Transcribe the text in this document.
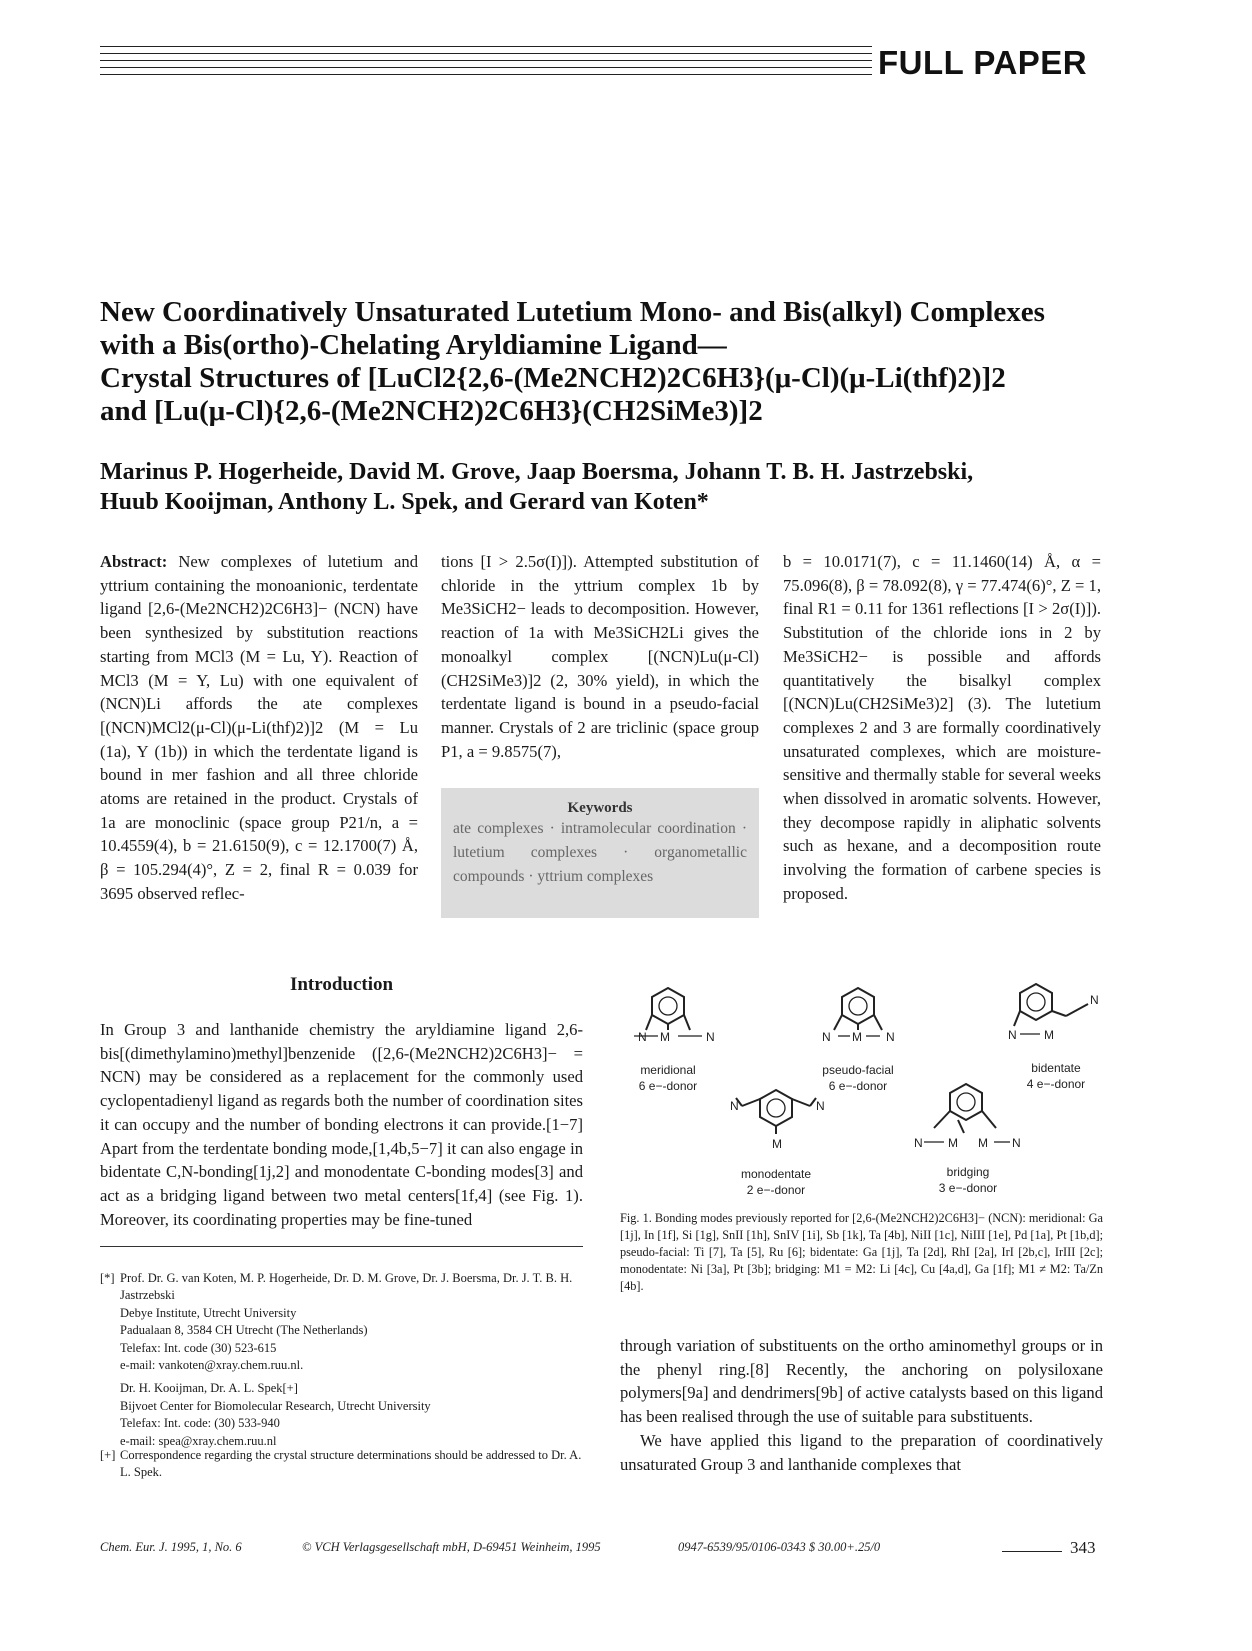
FULL PAPER
New Coordinatively Unsaturated Lutetium Mono- and Bis(alkyl) Complexes
with a Bis(ortho)-Chelating Aryldiamine Ligand—
Crystal Structures of [LuCl2{2,6-(Me2NCH2)2C6H3}(μ-Cl)(μ-Li(thf)2)]2
and [Lu(μ-Cl){2,6-(Me2NCH2)2C6H3}(CH2SiMe3)]2
Marinus P. Hogerheide, David M. Grove, Jaap Boersma, Johann T. B. H. Jastrzebski,
Huub Kooijman, Anthony L. Spek, and Gerard van Koten*

Abstract: New complexes of lutetium and yttrium containing the monoanionic, terdentate ligand [2,6-(Me2NCH2)2C6H3]− (NCN) have been synthesized by substitution reactions starting from MCl3 (M = Lu, Y). Reaction of MCl3 (M = Y, Lu) with one equivalent of (NCN)Li affords the ate complexes [(NCN)MCl2(μ-Cl)(μ-Li(thf)2)]2 (M = Lu (1a), Y (1b)) in which the terdentate ligand is bound in mer fashion and all three chloride atoms are retained in the product. Crystals of 1a are monoclinic (space group P21/n, a = 10.4559(4), b = 21.6150(9), c = 12.1700(7) Å, β = 105.294(4)°, Z = 2, final R = 0.039 for 3695 observed reflec-

tions [I > 2.5σ(I)]). Attempted substitution of chloride in the yttrium complex 1b by Me3SiCH2− leads to decomposition. However, reaction of 1a with Me3SiCH2Li gives the monoalkyl complex [(NCN)Lu(μ-Cl)(CH2SiMe3)]2 (2, 30% yield), in which the terdentate ligand is bound in a pseudo-facial manner. Crystals of 2 are triclinic (space group P1, a = 9.8575(7),

b = 10.0171(7), c = 11.1460(14) Å, α = 75.096(8), β = 78.092(8), γ = 77.474(6)°, Z = 1, final R1 = 0.11 for 1361 reflections [I > 2σ(I)]). Substitution of the chloride ions in 2 by Me3SiCH2− is possible and affords quantitatively the bisalkyl complex [(NCN)Lu(CH2SiMe3)2] (3). The lutetium complexes 2 and 3 are formally coordinatively unsaturated complexes, which are moisture-sensitive and thermally stable for several weeks when dissolved in aromatic solvents. However, they decompose rapidly in aliphatic solvents such as hexane, and a decomposition route involving the formation of carbene species is proposed.

Keywords
ate complexes · intramolecular coordination · lutetium complexes · organometallic compounds · yttrium complexes
Introduction
In Group 3 and lanthanide chemistry the aryldiamine ligand 2,6-bis[(dimethylamino)methyl]benzenide ([2,6-(Me2NCH2)2C6H3]− = NCN) may be considered as a replacement for the commonly used cyclopentadienyl ligand as regards both the number of coordination sites it can occupy and the number of bonding electrons it can provide.[1−7] Apart from the terdentate bonding mode,[1,4b,5−7] it can also engage in bidentate C,N-bonding[1j,2] and monodentate C-bonding modes[3] and act as a bridging ligand between two metal centers[1f,4] (see Fig. 1). Moreover, its coordinating properties may be fine-tuned
[*] Prof. Dr. G. van Koten, M. P. Hogerheide, Dr. D. M. Grove, Dr. J. Boersma, Dr. J. T. B. H. Jastrzebski
Debye Institute, Utrecht University
Padualaan 8, 3584 CH Utrecht (The Netherlands)
Telefax: Int. code (30) 523-615
e-mail: vankoten@xray.chem.ruu.nl.
Dr. H. Kooijman, Dr. A. L. Spek[+]
Bijvoet Center for Biomolecular Research, Utrecht University
Telefax: Int. code: (30) 533-940
e-mail: spea@xray.chem.ruu.nl
[+] Correspondence regarding the crystal structure determinations should be addressed to Dr. A. L. Spek.
N M	N	N M N	N M
N
N	N
M	N M M N
meridional
6 e−-donor
pseudo-facial
6 e−-donor
bidentate
4 e−-donor
monodentate
2 e−-donor
bridging
3 e−-donor
Fig. 1. Bonding modes previously reported for [2,6-(Me2NCH2)2C6H3]− (NCN): meridional: Ga [1j], In [1f], Si [1g], SnII [1h], SnIV [1i], Sb [1k], Ta [4b], NiII [1c], NiIII [1e], Pd [1a], Pt [1b,d]; pseudo-facial: Ti [7], Ta [5], Ru [6]; bidentate: Ga [1j], Ta [2d], RhI [2a], IrI [2b,c], IrIII [2c]; monodentate: Ni [3a], Pt [3b]; bridging: M1 = M2: Li [4c], Cu [4a,d], Ga [1f]; M1 ≠ M2: Ta/Zn [4b].
through variation of substituents on the ortho aminomethyl groups or in the phenyl ring.[8] Recently, the anchoring on polysiloxane polymers[9a] and dendrimers[9b] of active catalysts based on this ligand has been realised through the use of suitable para substituents.
We have applied this ligand to the preparation of coordinatively unsaturated Group 3 and lanthanide complexes that
Chem. Eur. J. 1995, 1, No. 6	© VCH Verlagsgesellschaft mbH, D-69451 Weinheim, 1995	0947-6539/95/0106-0343 $ 30.00+.25/0	343
